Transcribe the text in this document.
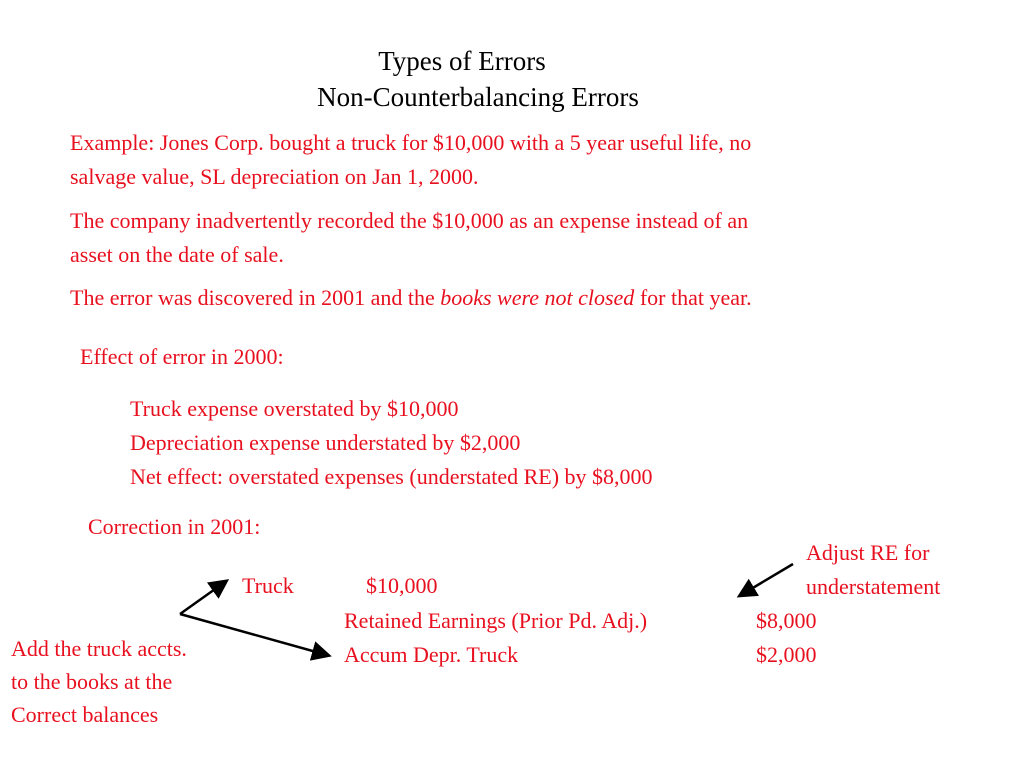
Types of Errors
Non-Counterbalancing Errors
Example: Jones Corp. bought a truck for $10,000 with a 5 year useful life, no
salvage value, SL depreciation on Jan 1, 2000.
The company inadvertently recorded the $10,000 as an expense instead of an
asset on the date of sale.
The error was discovered in 2001 and the books were not closed for that year.
Effect of error in 2000:
Truck expense overstated by $10,000
Depreciation expense understated by $2,000
Net effect: overstated expenses (understated RE) by $8,000
Correction in 2001:
Truck	$10,000
Retained Earnings (Prior Pd. Adj.)	$8,000
Accum Depr. Truck	$2,000
Adjust RE for
understatement
Add the truck accts.
to the books at the
Correct balances
